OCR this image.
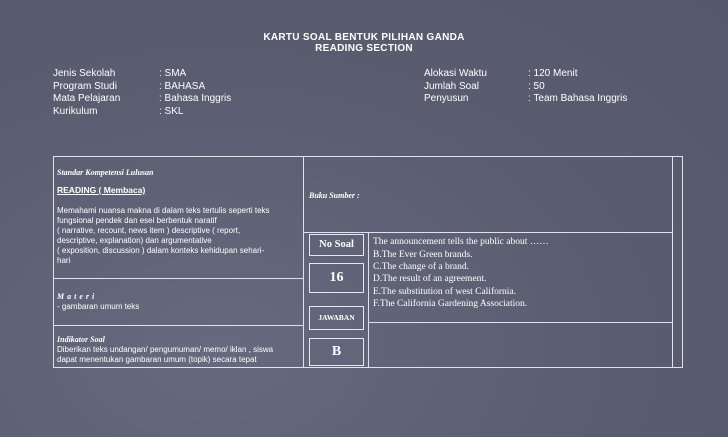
KARTU SOAL BENTUK PILIHAN GANDA
READING SECTION
Jenis Sekolah
Program Studi
Mata Pelajaran
Kurikulum
: SMA
: BAHASA
: Bahasa Inggris
: SKL
Alokasi Waktu
Jumlah Soal
Penyusun
: 120 Menit
: 50
: Team Bahasa Inggris
Standar Kompetensi Lulusan
READING ( Membaca)
Memahami nuansa makna di dalam teks tertulis seperti teks
fungsional pendek dan esei berbentuk naratif
( narrative, recount, news item ) descriptive ( report,
descriptive, explanation) dan argumentative
( exposition, discussion ) dalam konteks kehidupan sehari-
hari
M a t e r i
- gambaran umum teks
Indikator Soal
Diberikan teks undangan/ pengumuman/ memo/ iklan , siswa
dapat menentukan gambaran umum (topik) secara tepat
Buku Sumber :
No Soal
16
JAWABAN
B
The announcement tells the public about ……
B.The Ever Green brands.
C.The change of a brand.
D.The result of an agreement.
E.The substitution of west California.
F.The California Gardening Association.
